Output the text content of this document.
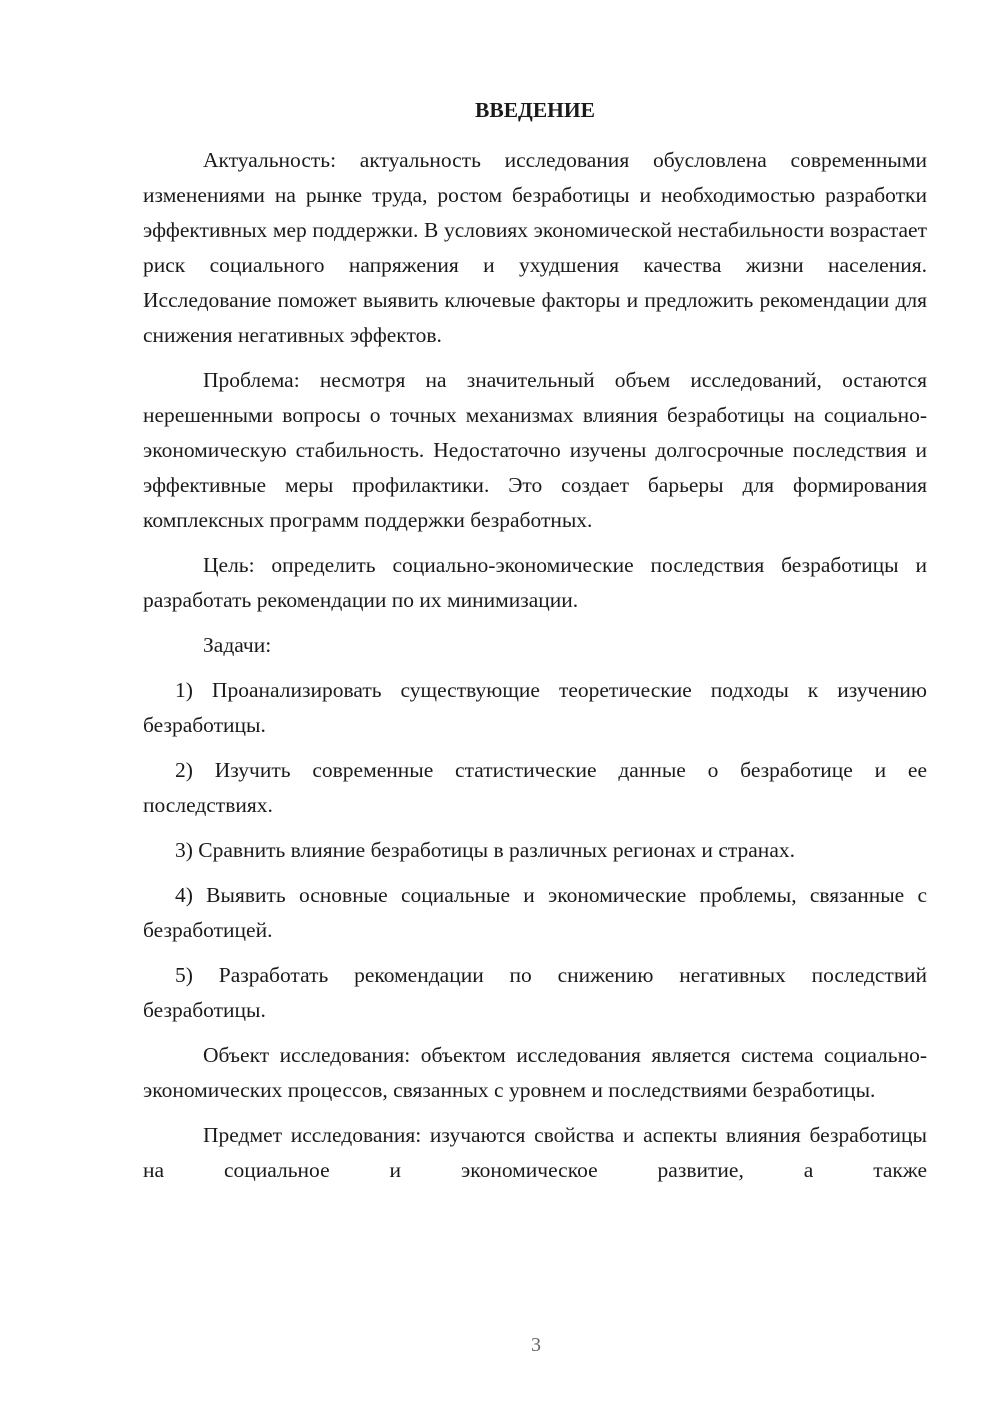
ВВЕДЕНИЕ

Актуальность: актуальность исследования обусловлена современными изменениями на рынке труда, ростом безработицы и необходимостью разработки эффективных мер поддержки. В условиях экономической нестабильности возрастает риск социального напряжения и ухудшения качества жизни населения. Исследование поможет выявить ключевые факторы и предложить рекомендации для снижения негативных эффектов.

Проблема: несмотря на значительный объем исследований, остаются нерешенными вопросы о точных механизмах влияния безработицы на социально-экономическую стабильность. Недостаточно изучены долгосрочные последствия и эффективные меры профилактики. Это создает барьеры для формирования комплексных программ поддержки безработных.

Цель: определить социально-экономические последствия безработицы и разработать рекомендации по их минимизации.

Задачи:

1) Проанализировать существующие теоретические подходы к изучению безработицы.

2) Изучить современные статистические данные о безработице и ее последствиях.

3) Сравнить влияние безработицы в различных регионах и странах.

4) Выявить основные социальные и экономические проблемы, связанные с безработицей.

5) Разработать рекомендации по снижению негативных последствий безработицы.

Объект исследования: объектом исследования является система социально-экономических процессов, связанных с уровнем и последствиями безработицы.

Предмет исследования: изучаются свойства и аспекты влияния безработицы на социальное и экономическое развитие, а также

3
